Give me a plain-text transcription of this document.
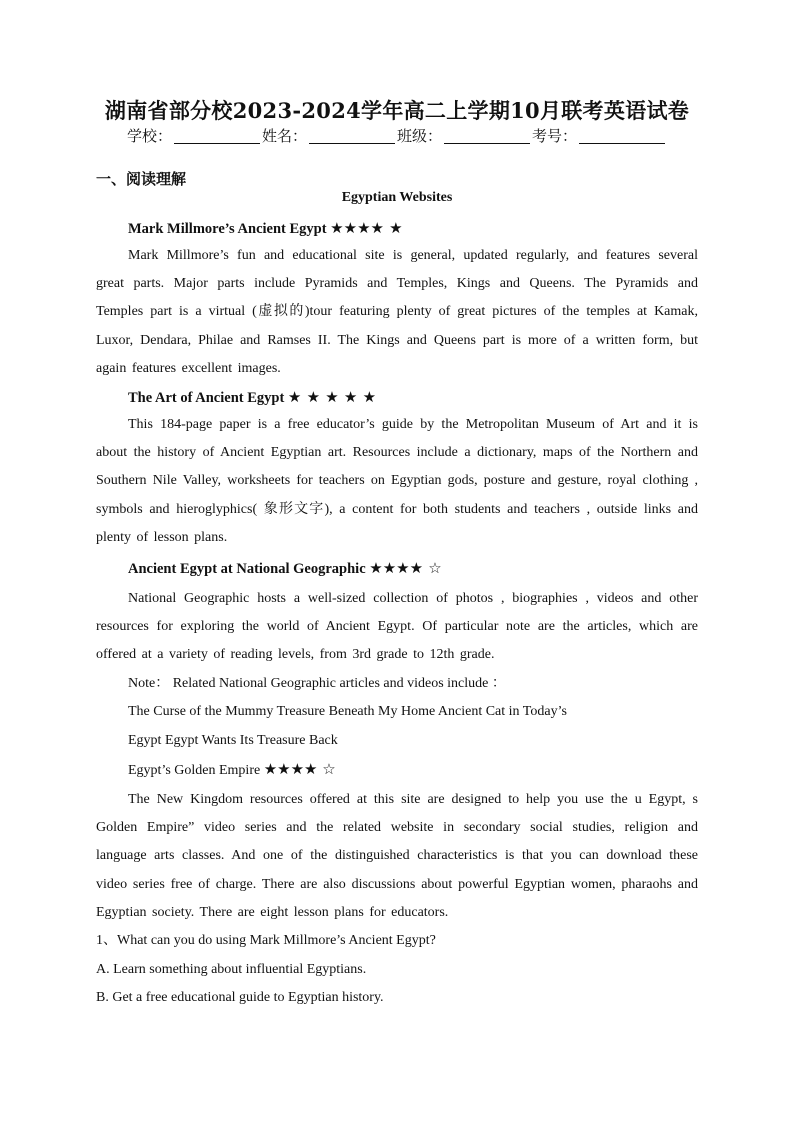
湖南省部分校2023-2024学年高二上学期10月联考英语试卷
学校：	姓名：	班级：	考号：
一、阅读理解
Egyptian Websites
Mark Millmore’s Ancient Egypt ★★★★ ★
Mark Millmore’s fun and educational site is general, updated regularly, and features several great parts. Major parts include Pyramids and Temples, Kings and Queens. The Pyramids and Temples part is a virtual (虚拟的)tour featuring plenty of great pictures of the temples at Kamak, Luxor, Dendara, Philae and Ramses II. The Kings and Queens part is more of a written form, but again features excellent images.
The Art of Ancient Egypt ★ ★ ★ ★ ★
This 184-page paper is a free educator’s guide by the Metropolitan Museum of Art and it is about the history of Ancient Egyptian art. Resources include a dictionary, maps of the Northern and Southern Nile Valley, worksheets for teachers on Egyptian gods, posture and gesture, royal clothing , symbols and hieroglyphics( 象形文字), a content for both students and teachers , outside links and plenty of lesson plans.
Ancient Egypt at National Geographic ★★★★ ☆
National Geographic hosts a well-sized collection of photos , biographies , videos and other resources for exploring the world of Ancient Egypt. Of particular note are the articles, which are offered at a variety of reading levels, from 3rd grade to 12th grade.
Note： Related National Geographic articles and videos include ：
The Curse of the Mummy Treasure Beneath My Home Ancient Cat in Today’s
Egypt Egypt Wants Its Treasure Back
Egypt’s Golden Empire ★★★★ ☆
The New Kingdom resources offered at this site are designed to help you use the u Egypt, s Golden Empire” video series and the related website in secondary social studies, religion and language arts classes. And one of the distinguished characteristics is that you can download these video series free of charge. There are also discussions about powerful Egyptian women, pharaohs and Egyptian society. There are eight lesson plans for educators.
1、What can you do using Mark Millmore’s Ancient Egypt?
A. Learn something about influential Egyptians.
B. Get a free educational guide to Egyptian history.
